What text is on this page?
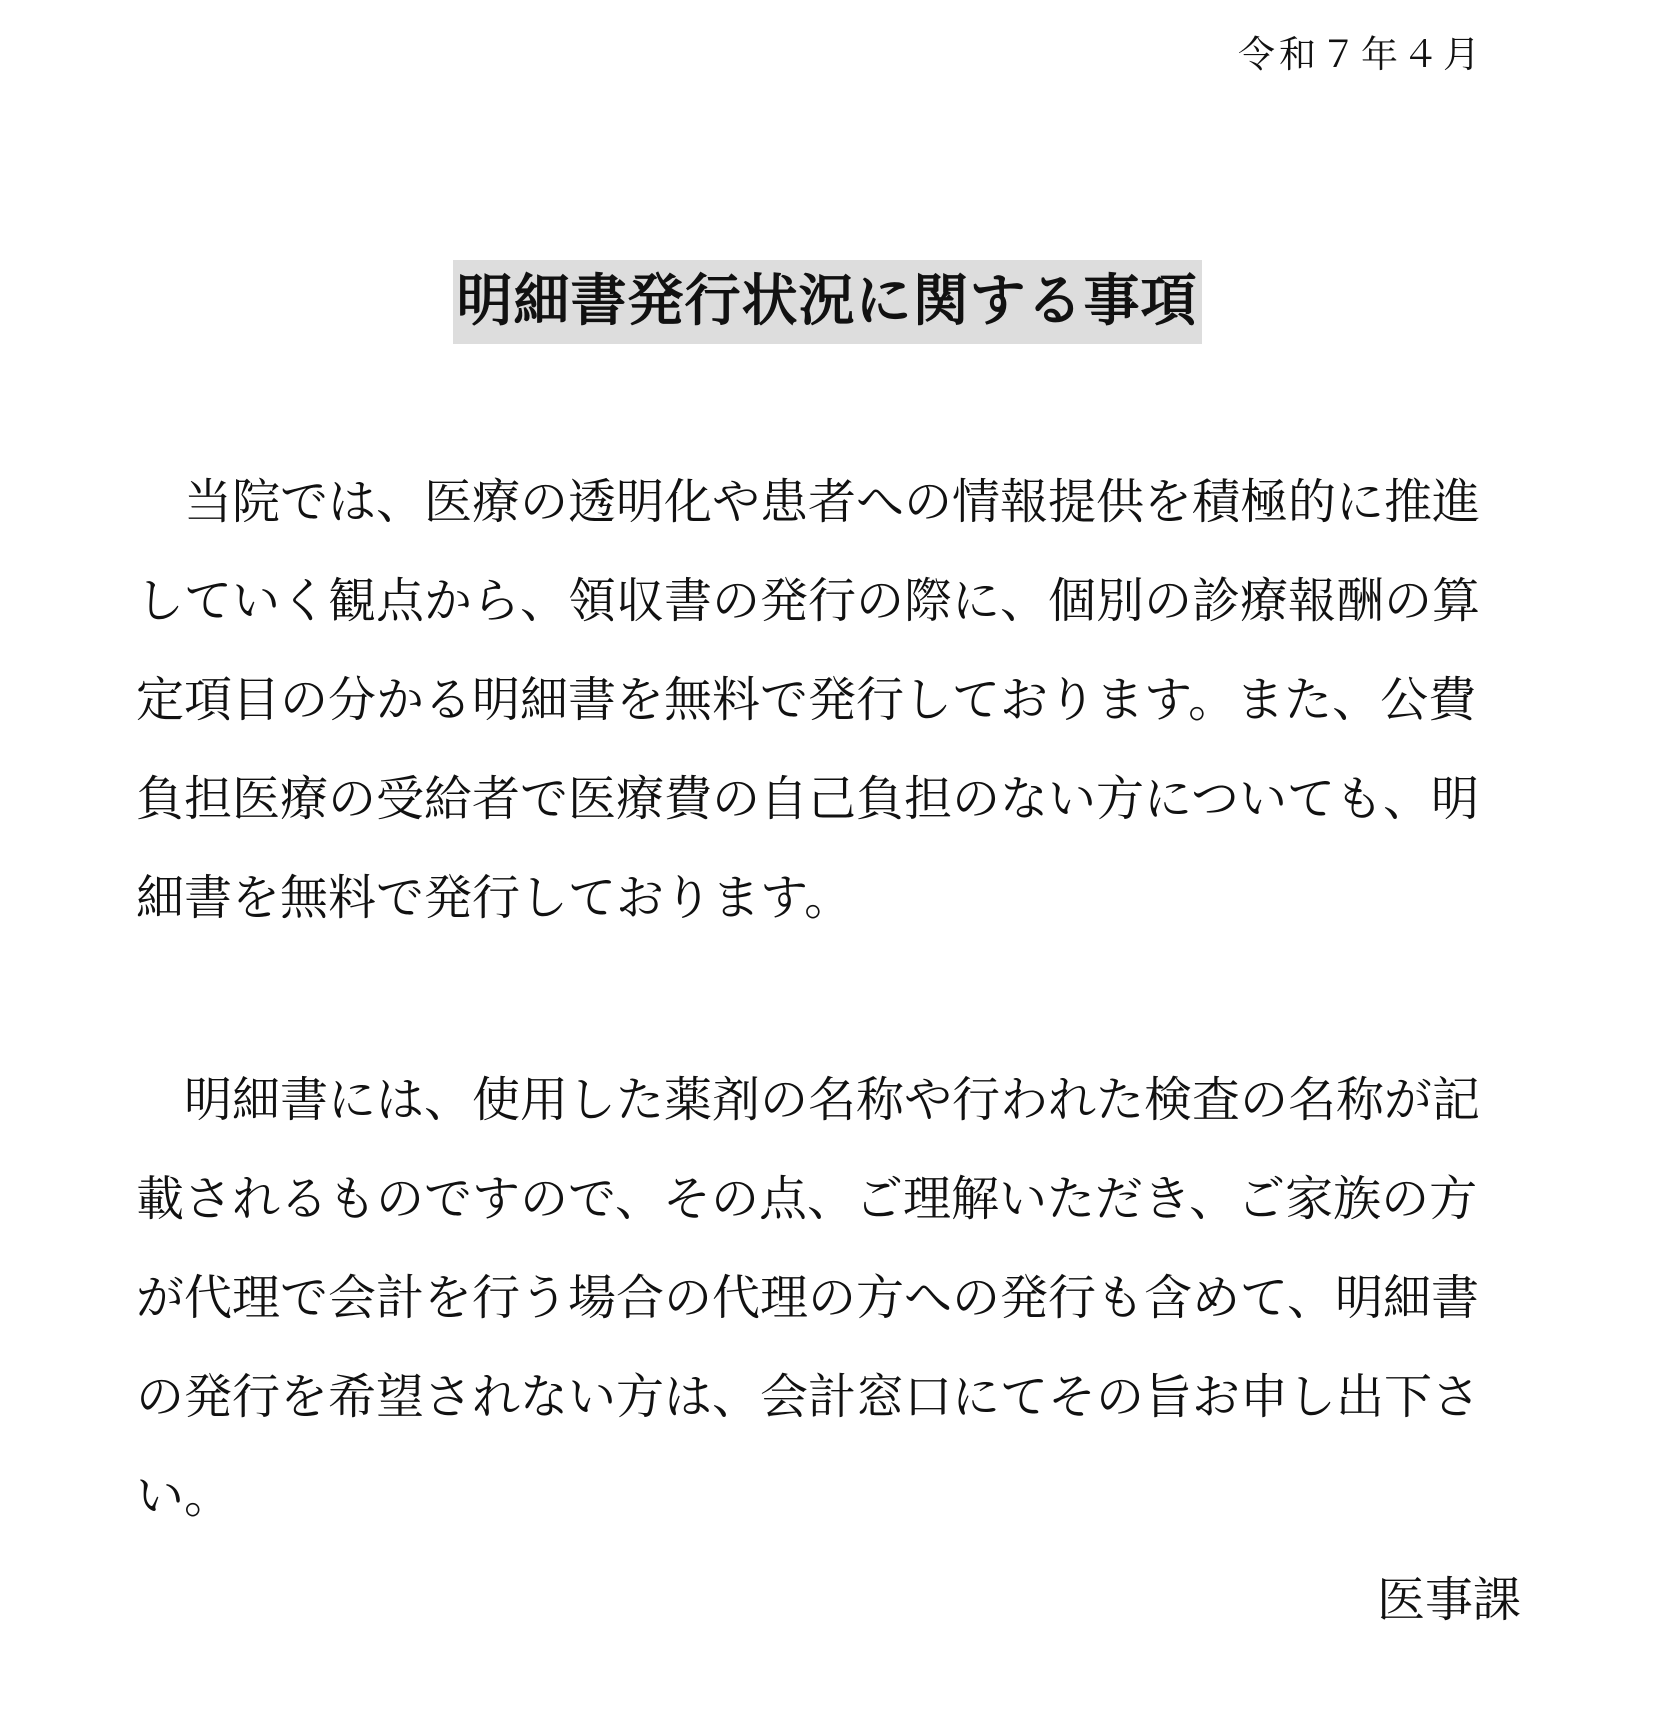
令和７年４月
明細書発行状況に関する事項
当院では、医療の透明化や患者への情報提供を積極的に推進
していく観点から、領収書の発行の際に、個別の診療報酬の算
定項目の分かる明細書を無料で発行しております。また、公費
負担医療の受給者で医療費の自己負担のない方についても、明
細書を無料で発行しております。
明細書には、使用した薬剤の名称や行われた検査の名称が記
載されるものですので、その点、ご理解いただき、ご家族の方
が代理で会計を行う場合の代理の方への発行も含めて、明細書
の発行を希望されない方は、会計窓口にてその旨お申し出下さ
い。
医事課
